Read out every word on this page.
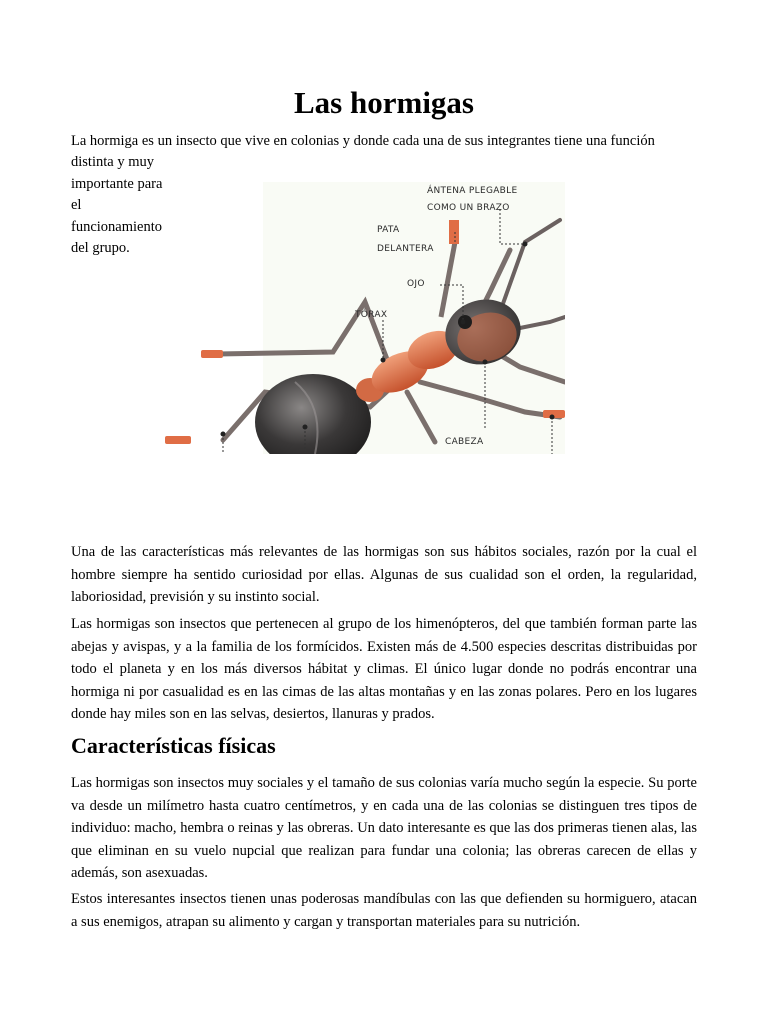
Las hormigas

La hormiga es un insecto que vive en colonias y donde cada una de sus integrantes tiene una función

distinta y muy importante para el funcionamiento del grupo.

ÁNTENA PLEGABLE
COMO UN BRAZO
PATA
DELANTERA
OJO
TÓRAX
CABEZA

Una de las características más relevantes de las hormigas son sus hábitos sociales, razón por la cual el hombre siempre ha sentido curiosidad por ellas. Algunas de sus cualidad son el orden, la regularidad, laboriosidad, previsión y su instinto social.

Las hormigas son insectos que pertenecen al grupo de los himenópteros, del que también forman parte las abejas y avispas, y a la familia de los formícidos. Existen más de 4.500 especies descritas distribuidas por todo el planeta y en los más diversos hábitat y climas. El único lugar donde no podrás encontrar una hormiga ni por casualidad es en las cimas de las altas montañas y en las zonas polares. Pero en los lugares donde hay miles son en las selvas, desiertos, llanuras y prados.

Características físicas

Las hormigas son insectos muy sociales y el tamaño de sus colonias varía mucho según la especie. Su porte va desde un milímetro hasta cuatro centímetros, y en cada una de las colonias se distinguen tres tipos de individuo: macho, hembra o reinas y las obreras. Un dato interesante es que las dos primeras tienen alas, las que eliminan en su vuelo nupcial que realizan para fundar una colonia; las obreras carecen de ellas y además, son asexuadas.

Estos interesantes insectos tienen unas poderosas mandíbulas con las que defienden su hormiguero, atacan a sus enemigos, atrapan su alimento y cargan y transportan materiales para su nutrición.
